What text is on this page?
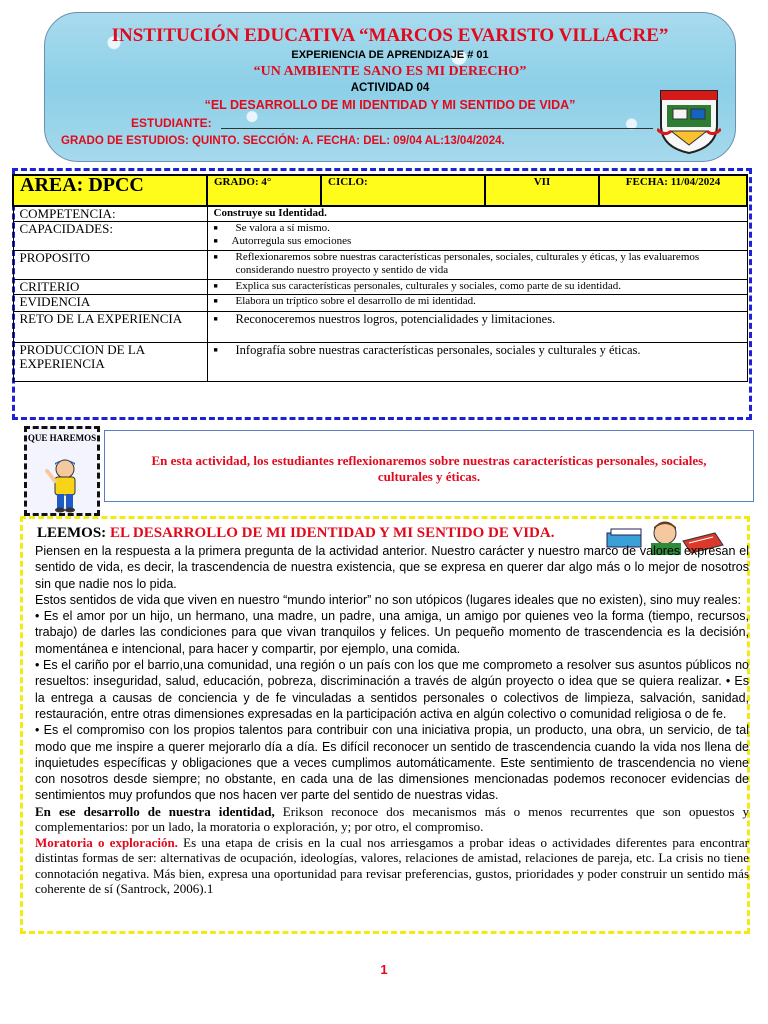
INSTITUCIÓN EDUCATIVA “MARCOS EVARISTO VILLACRE”
EXPERIENCIA DE APRENDIZAJE # 01
“UN AMBIENTE SANO ES MI DERECHO”
ACTIVIDAD 04
“EL DESARROLLO DE MI IDENTIDAD Y MI SENTIDO DE VIDA”
ESTUDIANTE:
GRADO DE ESTUDIOS: QUINTO. SECCIÓN: A. FECHA: DEL: 09/04 AL:13/04/2024.
AREA: DPCC	GRADO: 4°	CICLO:	VII	FECHA: 11/04/2024
COMPETENCIA:	Construye su Identidad.			
CAPACIDADES:	■ Se valora a sí mismo.
■ Autorregula sus emociones

PROPOSITO	■ Reflexionaremos sobre nuestras características personales, sociales, culturales y éticas, y las evaluaremos considerando nuestro proyecto y sentido de vida

CRITERIO	■ Explica sus características personales, culturales y sociales, como parte de su identidad.

EVIDENCIA	■ Elabora un tríptico sobre el desarrollo de mi identidad.

RETO DE LA EXPERIENCIA	■ Reconoceremos nuestros logros, potencialidades y limitaciones.

PRODUCCION DE LA EXPERIENCIA	■ Infografía sobre nuestras características personales, sociales y culturales y éticas.
QUE HAREMOS
En esta actividad, los estudiantes reflexionaremos sobre nuestras características personales, sociales, culturales y éticas.
LEEMOS: EL DESARROLLO DE MI IDENTIDAD Y MI SENTIDO DE VIDA.

Piensen en la respuesta a la primera pregunta de la actividad anterior. Nuestro carácter y nuestro marco de valores expresan el sentido de vida, es decir, la trascendencia de nuestra existencia, que se expresa en querer dar algo más o lo mejor de nosotros sin que nadie nos lo pida.

Estos sentidos de vida que viven en nuestro “mundo interior” no son utópicos (lugares ideales que no existen), sino muy reales:

• Es el amor por un hijo, un hermano, una madre, un padre, una amiga, un amigo por quienes veo la forma (tiempo, recursos, trabajo) de darles las condiciones para que vivan tranquilos y felices. Un pequeño momento de trascendencia es la decisión, momentánea e intencional, para hacer y compartir, por ejemplo, una comida.

• Es el cariño por el barrio,una comunidad, una región o un país con los que me comprometo a resolver sus asuntos públicos no resueltos: inseguridad, salud, educación, pobreza, discriminación a través de algún proyecto o idea que se quiera realizar. • Es la entrega a causas de conciencia y de fe vinculadas a sentidos personales o colectivos de limpieza, salvación, sanidad, restauración, entre otras dimensiones expresadas en la participación activa en algún colectivo o comunidad religiosa o de fe.

• Es el compromiso con los propios talentos para contribuir con una iniciativa propia, un producto, una obra, un servicio, de tal modo que me inspire a querer mejorarlo día a día. Es difícil reconocer un sentido de trascendencia cuando la vida nos llena de inquietudes específicas y obligaciones que a veces cumplimos automáticamente. Este sentimiento de trascendencia no viene con nosotros desde siempre; no obstante, en cada una de las dimensiones mencionadas podemos reconocer evidencias de sentimientos muy profundos que nos hacen ver parte del sentido de nuestras vidas.

En ese desarrollo de nuestra identidad, Erikson reconoce dos mecanismos más o menos recurrentes que son opuestos y complementarios: por un lado, la moratoria o exploración, y; por otro, el compromiso.

Moratoria o exploración. Es una etapa de crisis en la cual nos arriesgamos a probar ideas o actividades diferentes para encontrar distintas formas de ser: alternativas de ocupación, ideologías, valores, relaciones de amistad, relaciones de pareja, etc. La crisis no tiene connotación negativa. Más bien, expresa una oportunidad para revisar preferencias, gustos, prioridades y poder construir un sentido más coherente de sí (Santrock, 2006).1

1
